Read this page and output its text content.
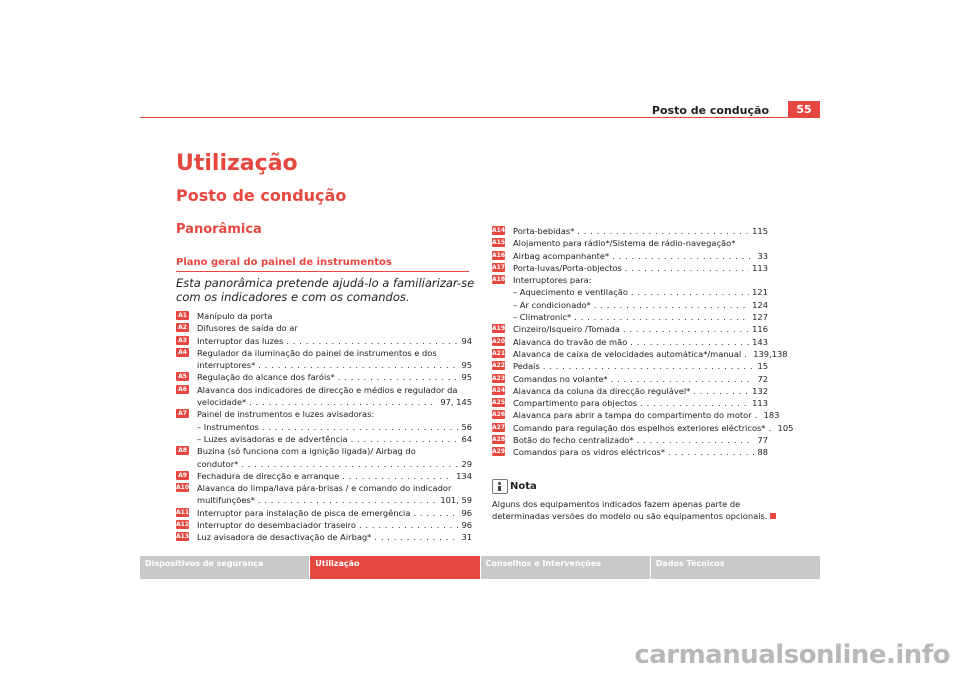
Posto de condução	55
Utilização
Posto de condução
Panorâmica
Plano geral do painel de instrumentos
Esta panorâmica pretende ajudá-lo a familiarizar-se com os indicadores e com os comandos.
A1 Manípulo da porta
A2 Difusores de saída do ar
A3 Interruptor das luzes . . .	94
A4 Regulador da iluminação do painel de instrumentos e dos
interruptores* . . .	95
A5 Regulação do alcance dos faróis* . . .	95
A6 Alavanca dos indicadores de direcção e médios e regulador da
velocidade* . . .	97, 145
A7 Painel de instrumentos e luzes avisadoras:
– Instrumentos . . .	56
– Luzes avisadoras e de advertência . . .	64
A8 Buzina (só funciona com a ignição ligada)/ Airbag do
condutor* . . .	29
A9 Fechadura de direcção e arranque . . .	134
A10 Alavanca do limpa/lava pára-brisas / e comando do indicador
multifunções* . . .	101, 59
A11 Interruptor para instalação de pisca de emergência . . .	96
A12 Interruptor do desembaciador traseiro . . .	96
A13 Luz avisadora de desactivação de Airbag* . . .	31
A14 Porta-bebidas* . . .	115
A15 Alojamento para rádio*/Sistema de rádio-navegação*
A16 Airbag acompanhante* . . .	33
A17 Porta-luvas/Porta-objectos . . .	113
A18 Interruptores para:
– Aquecimento e ventilação . . .	121
– Ar condicionado* . . .	124
– Climatronic* . . .	127
A19 Cinzeiro/Isqueiro /Tomada . . .	116
A20 Alavanca do travão de mão . . .	143
A21 Alavanca de caixa de velocidades automática*/manual . . . 139,138
A22 Pedais . . .	15
A23 Comandos no volante* . . .	72
A24 Alavanca da coluna da direcção regulável* . . .	132
A25 Compartimento para objectos . . .	113
A26 Alavanca para abrir a tampa do compartimento do motor . . . 183
A27 Comando para regulação dos espelhos exteriores eléctricos* . . . 105
A28 Botão do fecho centralizado* . . .	77
A29 Comandos para os vidros eléctricos* . . .	88
Nota
Alguns dos equipamentos indicados fazem apenas parte de determinadas versões do modelo ou são equipamentos opcionais.
Dispositivos de segurança	Utilização	Conselhos e Intervenções	Dados Técnicos
carmanualsonline.info
